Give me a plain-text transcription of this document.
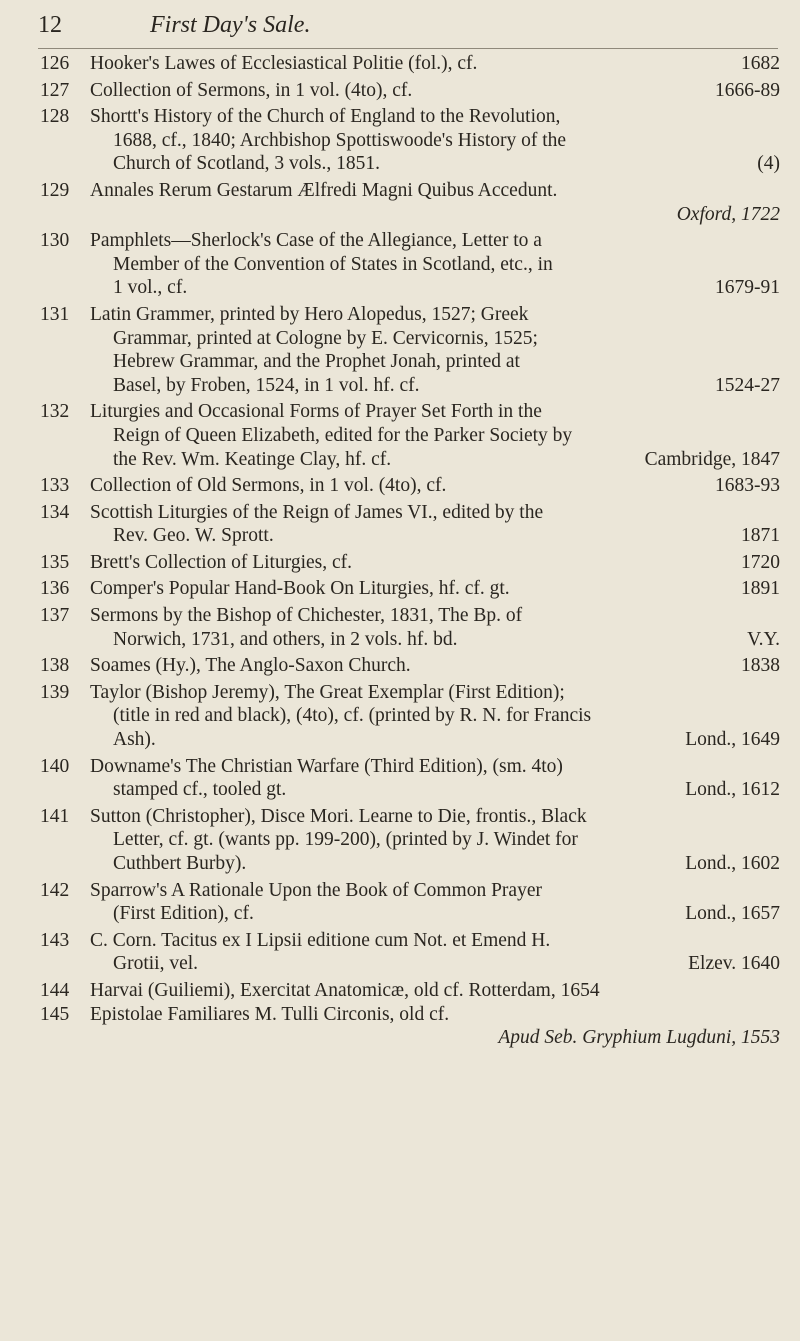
12	First Day's Sale.
126	Hooker's Lawes of Ecclesiastical Politie (fol.), cf.	1682
127	Collection of Sermons, in 1 vol. (4to), cf.	1666-89
128	Shortt's History of the Church of England to the Revolution,
1688, cf., 1840; Archbishop Spottiswoode's History of the
Church of Scotland, 3 vols., 1851.	(4)
129	Annales Rerum Gestarum Ælfredi Magni Quibus Accedunt.
Oxford, 1722
130	Pamphlets—Sherlock's Case of the Allegiance, Letter to a
Member of the Convention of States in Scotland, etc., in
1 vol., cf.	1679-91
131	Latin Grammer, printed by Hero Alopedus, 1527; Greek
Grammar, printed at Cologne by E. Cervicornis, 1525;
Hebrew Grammar, and the Prophet Jonah, printed at
Basel, by Froben, 1524, in 1 vol. hf. cf.	1524-27
132	Liturgies and Occasional Forms of Prayer Set Forth in the
Reign of Queen Elizabeth, edited for the Parker Society by
the Rev. Wm. Keatinge Clay, hf. cf.	Cambridge, 1847
133	Collection of Old Sermons, in 1 vol. (4to), cf.	1683-93
134	Scottish Liturgies of the Reign of James VI., edited by the
Rev. Geo. W. Sprott.	1871
135	Brett's Collection of Liturgies, cf.	1720
136	Comper's Popular Hand-Book On Liturgies, hf. cf. gt.	1891
137	Sermons by the Bishop of Chichester, 1831, The Bp. of
Norwich, 1731, and others, in 2 vols. hf. bd.	V.Y.
138	Soames (Hy.), The Anglo-Saxon Church.	1838
139	Taylor (Bishop Jeremy), The Great Exemplar (First Edition);
(title in red and black), (4to), cf. (printed by R. N. for Francis
Ash).	Lond., 1649
140	Downame's The Christian Warfare (Third Edition), (sm. 4to)
stamped cf., tooled gt.	Lond., 1612
141	Sutton (Christopher), Disce Mori. Learne to Die, frontis., Black
Letter, cf. gt. (wants pp. 199-200), (printed by J. Windet for
Cuthbert Burby).	Lond., 1602
142	Sparrow's A Rationale Upon the Book of Common Prayer
(First Edition), cf.	Lond., 1657
143	C. Corn. Tacitus ex I Lipsii editione cum Not. et Emend H.
Grotii, vel.	Elzev. 1640
144	Harvai (Guiliemi), Exercitat Anatomicæ, old cf. Rotterdam, 1654
145	Epistolae Familiares M. Tulli Circonis, old cf.
Apud Seb. Gryphium Lugduni, 1553
